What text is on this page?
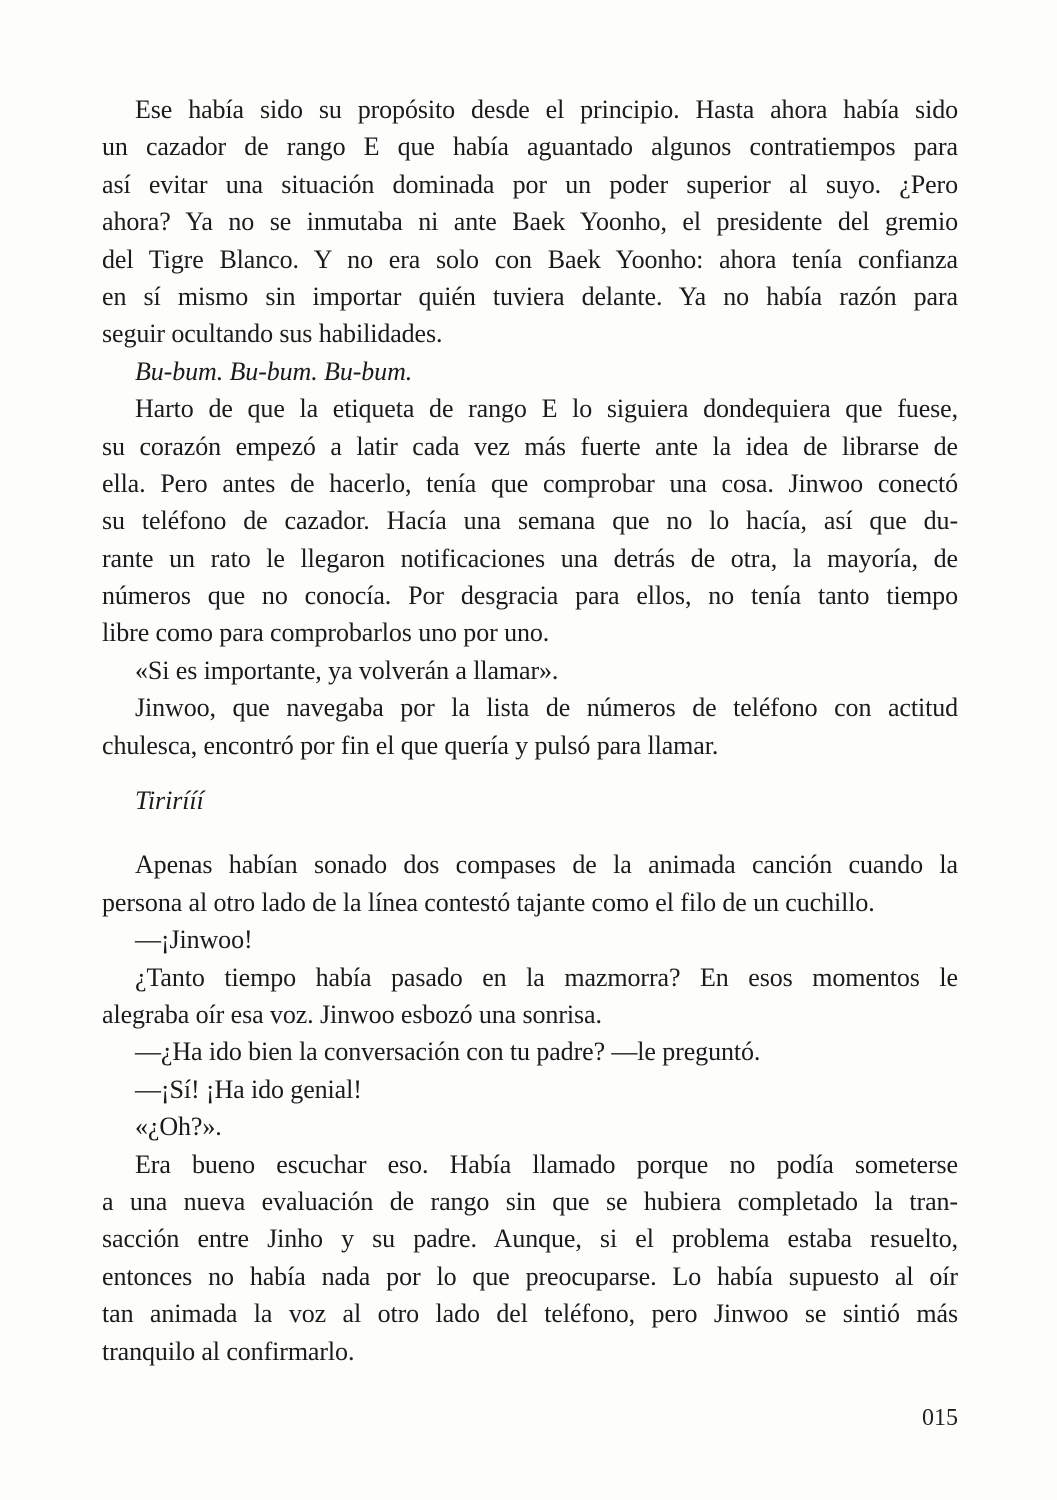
Ese había sido su propósito desde el principio. Hasta ahora había sido
un cazador de rango E que había aguantado algunos contratiempos para
así evitar una situación dominada por un poder superior al suyo. ¿Pero
ahora? Ya no se inmutaba ni ante Baek Yoonho, el presidente del gremio
del Tigre Blanco. Y no era solo con Baek Yoonho: ahora tenía confianza
en sí mismo sin importar quién tuviera delante. Ya no había razón para
seguir ocultando sus habilidades.

Bu-bum. Bu-bum. Bu-bum.

Harto de que la etiqueta de rango E lo siguiera dondequiera que fuese,
su corazón empezó a latir cada vez más fuerte ante la idea de librarse de
ella. Pero antes de hacerlo, tenía que comprobar una cosa. Jinwoo conectó
su teléfono de cazador. Hacía una semana que no lo hacía, así que du-
rante un rato le llegaron notificaciones una detrás de otra, la mayoría, de
números que no conocía. Por desgracia para ellos, no tenía tanto tiempo
libre como para comprobarlos uno por uno.

«Si es importante, ya volverán a llamar».

Jinwoo, que navegaba por la lista de números de teléfono con actitud
chulesca, encontró por fin el que quería y pulsó para llamar.

Tirirííí

Apenas habían sonado dos compases de la animada canción cuando la
persona al otro lado de la línea contestó tajante como el filo de un cuchillo.

—¡Jinwoo!

¿Tanto tiempo había pasado en la mazmorra? En esos momentos le
alegraba oír esa voz. Jinwoo esbozó una sonrisa.

—¿Ha ido bien la conversación con tu padre? —le preguntó.

—¡Sí! ¡Ha ido genial!

«¿Oh?».

Era bueno escuchar eso. Había llamado porque no podía someterse
a una nueva evaluación de rango sin que se hubiera completado la tran-
sacción entre Jinho y su padre. Aunque, si el problema estaba resuelto,
entonces no había nada por lo que preocuparse. Lo había supuesto al oír
tan animada la voz al otro lado del teléfono, pero Jinwoo se sintió más
tranquilo al confirmarlo.

015
